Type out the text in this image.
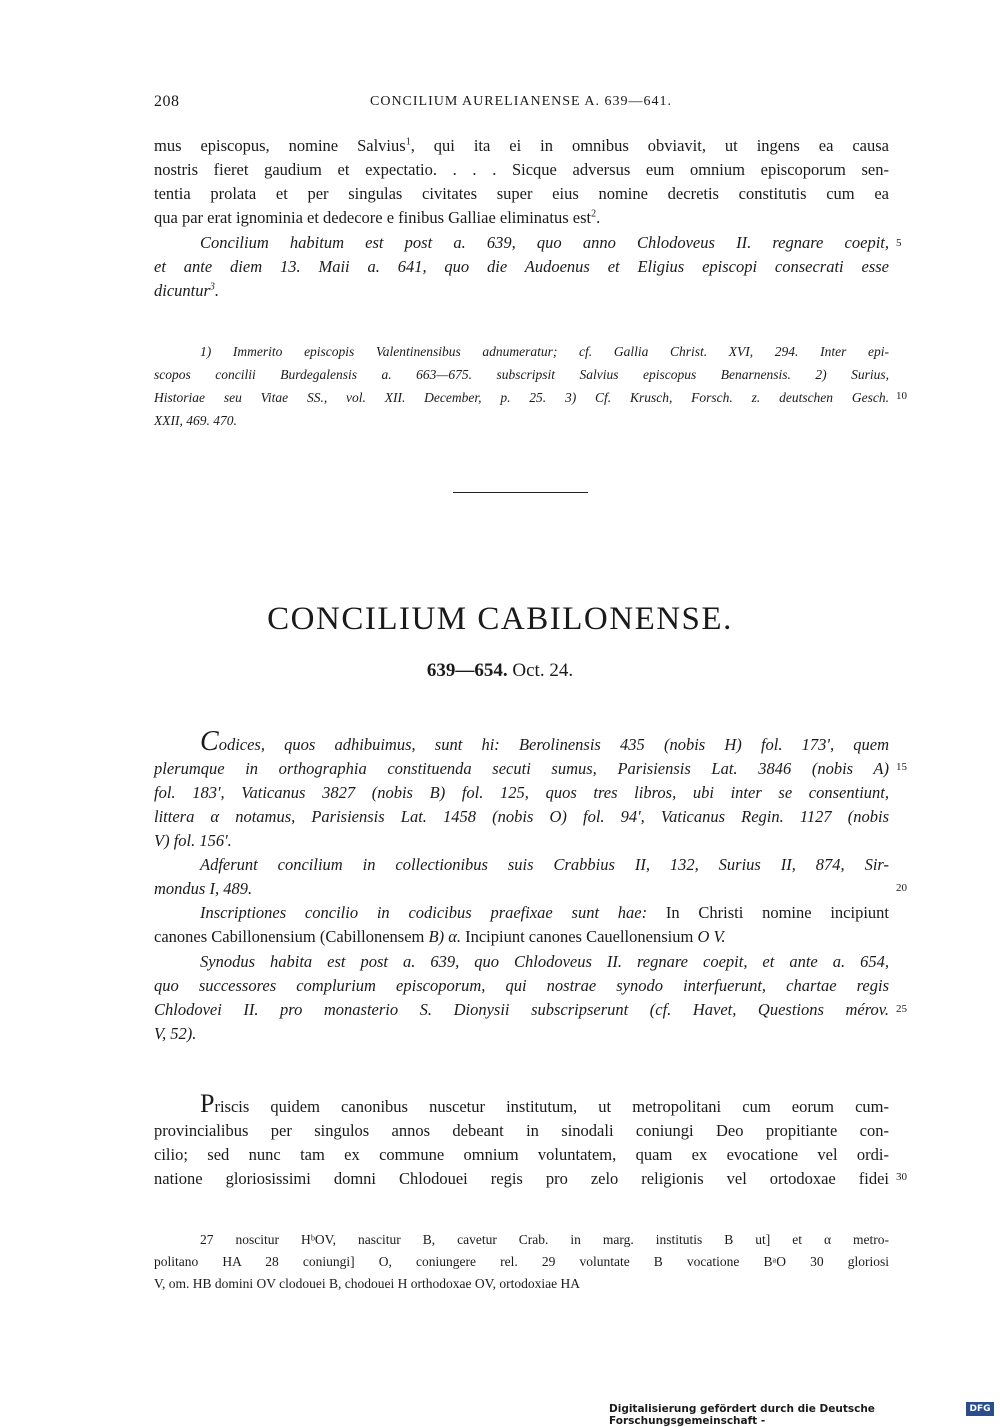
208	CONCILIUM AURELIANENSE A. 639—641.
mus episcopus, nomine Salvius$^1$, qui ita ei in omnibus obviavit, ut ingens ea causa
nostris fieret gaudium et expectatio. . . . Sicque adversus eum omnium episcoporum sen-
tentia prolata et per singulas civitates super eius nomine decretis constitutis cum ea
qua par erat ignominia et dedecore e finibus Galliae eliminatus est$^2$.
Concilium habitum est post a. 639, quo anno Chlodoveus II. regnare coepit,
et ante diem 13. Maii a. 641, quo die Audoenus et Eligius episcopi consecrati esse
dicuntur$^3$.
5
1) Immerito episcopis Valentinensibus adnumeratur; cf. Gallia Christ. XVI, 294. Inter epi-
scopos concilii Burdegalensis a. 663—675. subscripsit Salvius episcopus Benarnensis. 2) Surius,
Historiae seu Vitae SS., vol. XII. December, p. 25. 3) Cf. Krusch, Forsch. z. deutschen Gesch.
XXII, 469. 470.
10
CONCILIUM CABILONENSE.
639—654. Oct. 24.
Codices, quos adhibuimus, sunt hi: Berolinensis 435 (nobis H) fol. 173', quem
plerumque in orthographia constituenda secuti sumus, Parisiensis Lat. 3846 (nobis A)
fol. 183', Vaticanus 3827 (nobis B) fol. 125, quos tres libros, ubi inter se consentiunt,
littera α notamus, Parisiensis Lat. 1458 (nobis O) fol. 94', Vaticanus Regin. 1127 (nobis
V) fol. 156'.
15
Adferunt concilium in collectionibus suis Crabbius II, 132, Surius II, 874, Sir-
mondus I, 489.	20
Inscriptiones concilio in codicibus praefixae sunt hae: In Christi nomine incipiunt
canones Cabillonensium (Cabillonensem B) α. Incipiunt canones Cauellonensium O V.
Synodus habita est post a. 639, quo Chlodoveus II. regnare coepit, et ante a. 654,
quo successores complurium episcoporum, qui nostrae synodo interfuerunt, chartae regis
Chlodovei II. pro monasterio S. Dionysii subscripserunt (cf. Havet, Questions mérov.
V, 52).
25
Priscis quidem canonibus nuscetur institutum, ut metropolitani cum eorum cum-
provincialibus per singulos annos debeant in sinodali coniungi Deo propitiante con-
cilio; sed nunc tam ex commune omnium voluntatem, quam ex evocatione vel ordi-
natione gloriosissimi domni Chlodouei regis pro zelo religionis vel ortodoxae fidei 30
27 noscitur HᵇOV, nascitur B, cavetur Crab. in marg. institutis B ut] et α metro-
politano HA 28 coniungi] O, coniungere rel. 29 voluntate B vocatione BᵃO 30 gloriosi
V, om. HB domini OV clodouei B, chodouei H orthodoxae OV, ortodoxiae HA
Digitalisierung gefördert durch die Deutsche Forschungsgemeinschaft -
DFG
